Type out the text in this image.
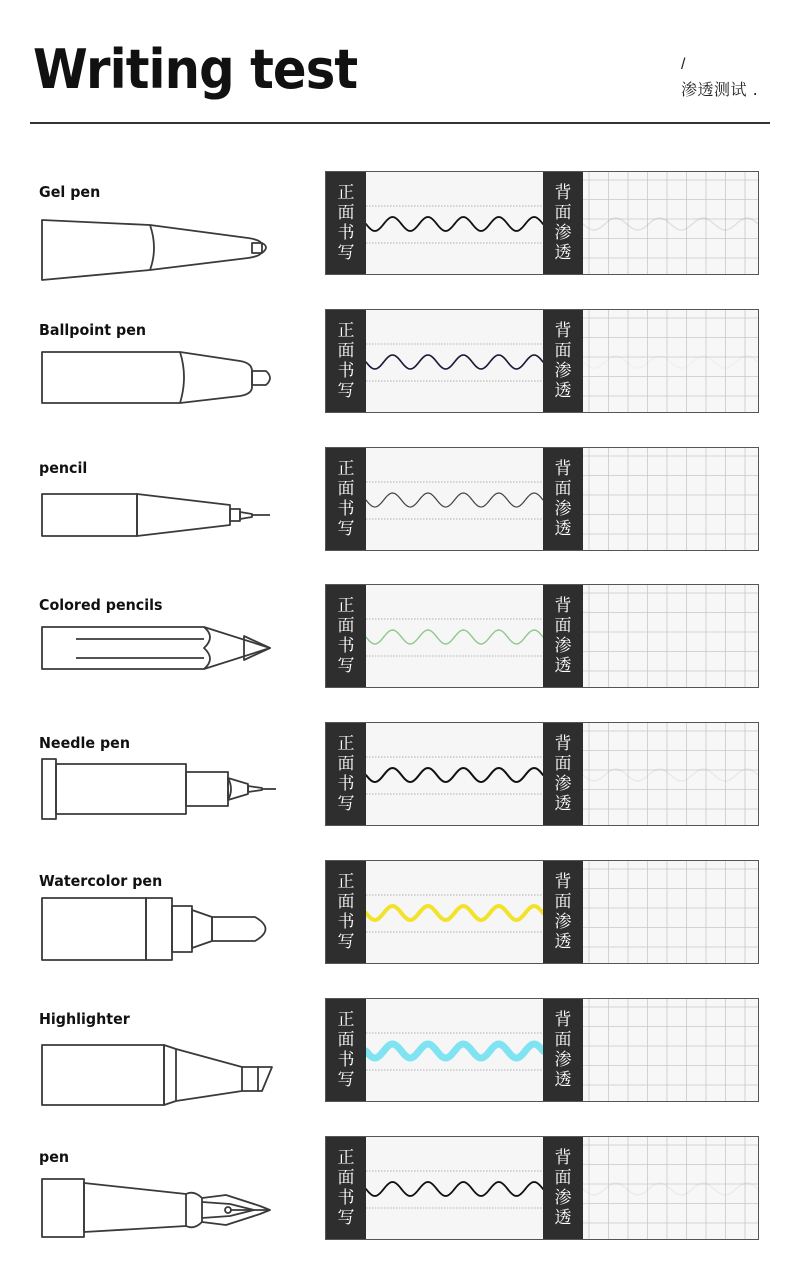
Writing test	/
渗透测试 .
Gel pen	正
面
书
写
背
面
渗
透
Ballpoint pen	正
面
书
写
背
面
渗
透
pencil	正
面
书
写
背
面
渗
透
Colored pencils	正
面
书
写
背
面
渗
透
Needle pen	正
面
书
写
背
面
渗
透
Watercolor pen	正
面
书
写
背
面
渗
透
Highlighter	正
面
书
写
背
面
渗
透
pen	正
面
书
写
背
面
渗
透
